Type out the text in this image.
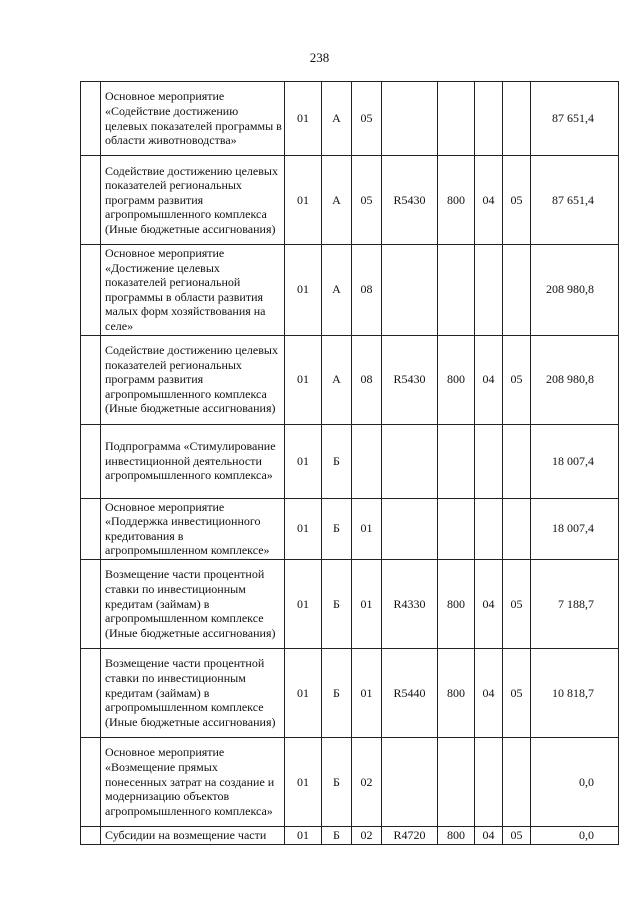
238
	Основное мероприятие «Содействие достижению целевых показателей программы в области животноводства»	01	А	05					87 651,4
	Содействие достижению целевых показателей региональных программ развития агропромышленного комплекса (Иные бюджетные ассигнования)	01	А	05	R5430	800	04	05	87 651,4
	Основное мероприятие «Достижение целевых показателей региональной программы в области развития малых форм хозяйствования на селе»	01	А	08					208 980,8
	Содействие достижению целевых показателей региональных программ развития агропромышленного комплекса (Иные бюджетные ассигнования)	01	А	08	R5430	800	04	05	208 980,8
	Подпрограмма «Стимулирование инвестиционной деятельности агропромышленного комплекса»	01	Б						18 007,4
	Основное мероприятие «Поддержка инвестиционного кредитования в агропромышленном комплексе»	01	Б	01					18 007,4
	Возмещение части процентной ставки по инвестиционным кредитам (займам) в агропромышленном комплексе (Иные бюджетные ассигнования)	01	Б	01	R4330	800	04	05	7 188,7
	Возмещение части процентной ставки по инвестиционным кредитам (займам) в агропромышленном комплексе (Иные бюджетные ассигнования)	01	Б	01	R5440	800	04	05	10 818,7
	Основное мероприятие «Возмещение прямых понесенных затрат на создание и модернизацию объектов агропромышленного комплекса»	01	Б	02					0,0
	Субсидии на возмещение части	01	Б	02	R4720	800	04	05	0,0
